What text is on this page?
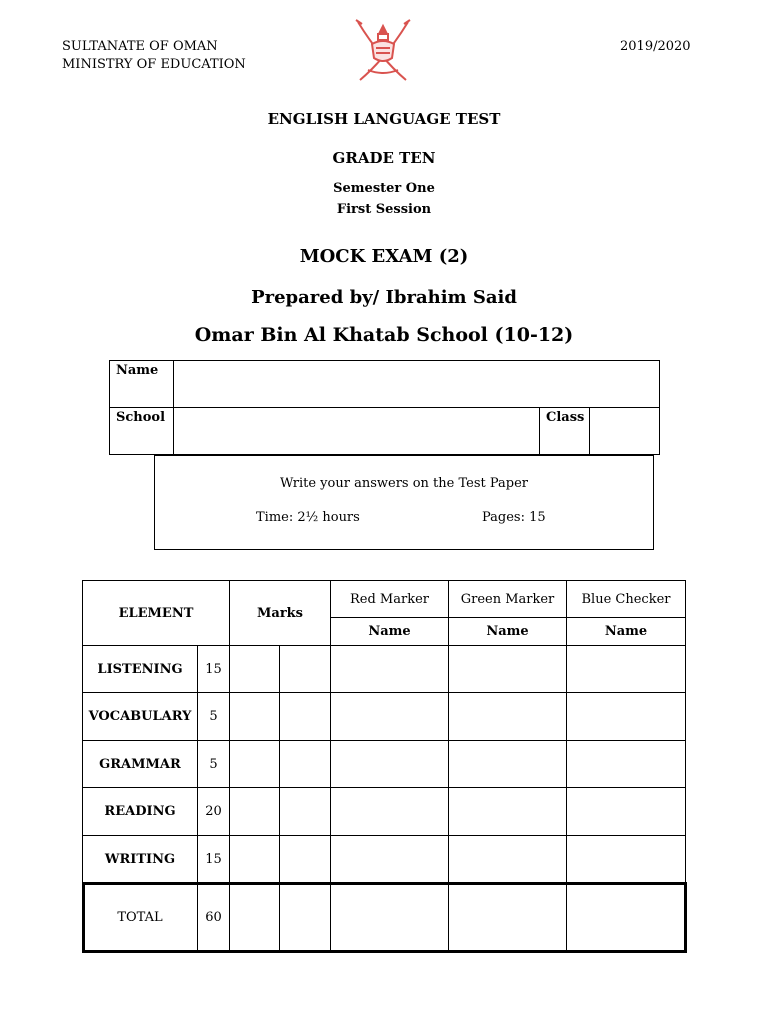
SULTANATE OF OMAN
MINISTRY OF EDUCATION
2019/2020
ENGLISH LANGUAGE TEST
GRADE TEN
Semester One
First Session
MOCK EXAM (2)
Prepared by/ Ibrahim Said
Omar Bin Al Khatab School (10-12)
Name
School	Class
Write your answers on the Test Paper
Time: 2½ hours	Pages: 15
ELEMENT		Marks		Red Marker	Green Marker	Blue Checker
				Name	Name	Name
LISTENING	15					
VOCABULARY	5					
GRAMMAR	5					
READING	20					
WRITING	15					
TOTAL	60					
